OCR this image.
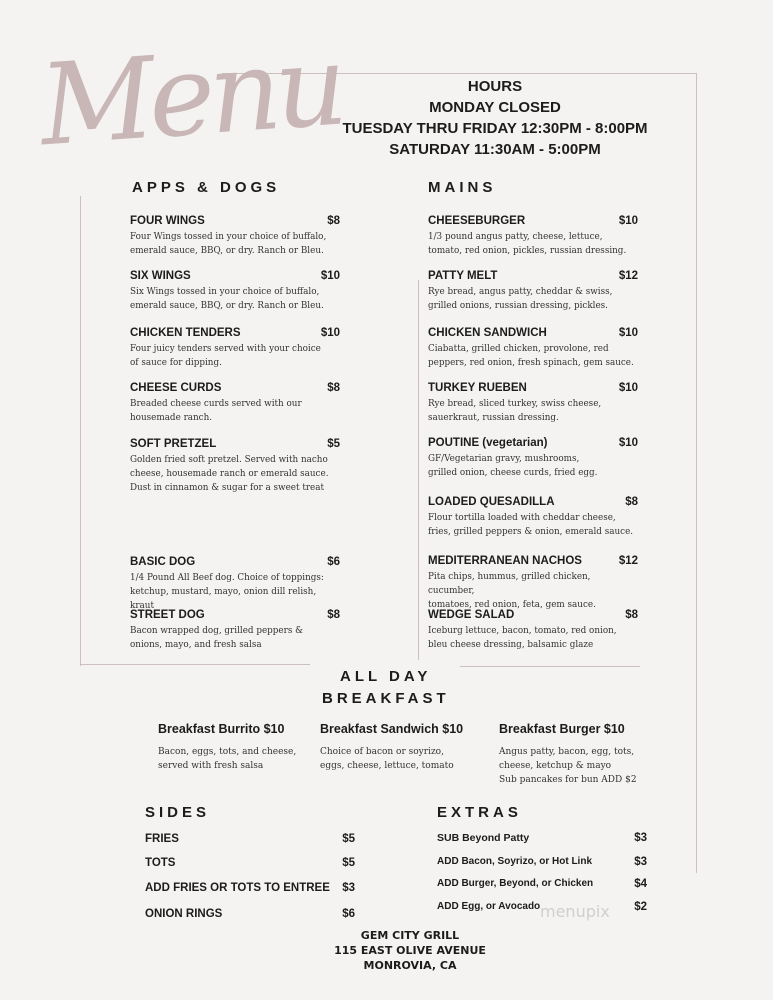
Menu	HOURS
MONDAY CLOSED
TUESDAY THRU FRIDAY 12:30PM - 8:00PM
SATURDAY 11:30AM - 5:00PM
APPS & DOGS	MAINS
FOUR WINGS	$8
Four Wings tossed in your choice of buffalo,
emerald sauce, BBQ, or dry. Ranch or Bleu.
SIX WINGS	$10
Six Wings tossed in your choice of buffalo,
emerald sauce, BBQ, or dry. Ranch or Bleu.
CHICKEN TENDERS	$10
Four juicy tenders served with your choice
of sauce for dipping.
CHEESE CURDS	$8
Breaded cheese curds served with our
housemade ranch.
SOFT PRETZEL	$5
Golden fried soft pretzel. Served with nacho
cheese, housemade ranch or emerald sauce.
Dust in cinnamon & sugar for a sweet treat
BASIC DOG	$6
1/4 Pound All Beef dog. Choice of toppings:
ketchup, mustard, mayo, onion dill relish, kraut
STREET DOG	$8
Bacon wrapped dog, grilled peppers &
onions, mayo, and fresh salsa
CHEESEBURGER	$10
1/3 pound angus patty, cheese, lettuce,
tomato, red onion, pickles, russian dressing.
PATTY MELT	$12
Rye bread, angus patty, cheddar & swiss,
grilled onions, russian dressing, pickles.
CHICKEN SANDWICH	$10
Ciabatta, grilled chicken, provolone, red
peppers, red onion, fresh spinach, gem sauce.
TURKEY RUEBEN	$10
Rye bread, sliced turkey, swiss cheese,
sauerkraut, russian dressing.
POUTINE (vegetarian)	$10
GF/Vegetarian gravy, mushrooms,
grilled onion, cheese curds, fried egg.
LOADED QUESADILLA	$8
Flour tortilla loaded with cheddar cheese,
fries, grilled peppers & onion, emerald sauce.
MEDITERRANEAN NACHOS	$12
Pita chips, hummus, grilled chicken, cucumber,
tomatoes, red onion, feta, gem sauce.
WEDGE SALAD	$8
Iceburg lettuce, bacon, tomato, red onion,
bleu cheese dressing, balsamic glaze
ALL DAY
BREAKFAST
Breakfast Burrito $10
Bacon, eggs, tots, and cheese,
served with fresh salsa
Breakfast Sandwich $10
Choice of bacon or soyrizo,
eggs, cheese, lettuce, tomato
Breakfast Burger $10
Angus patty, bacon, egg, tots,
cheese, ketchup & mayo
Sub pancakes for bun ADD $2
SIDES
FRIES	$5
TOTS	$5
ADD FRIES OR TOTS TO ENTREE $3
ONION RINGS	$6
EXTRAS
SUB Beyond Patty	$3
ADD Bacon, Soyrizo, or Hot Link	$3
ADD Burger, Beyond, or Chicken	$4
ADD Egg, or Avocado	$2
GEM CITY GRILL
115 EAST OLIVE AVENUE
MONROVIA, CA
menupix
